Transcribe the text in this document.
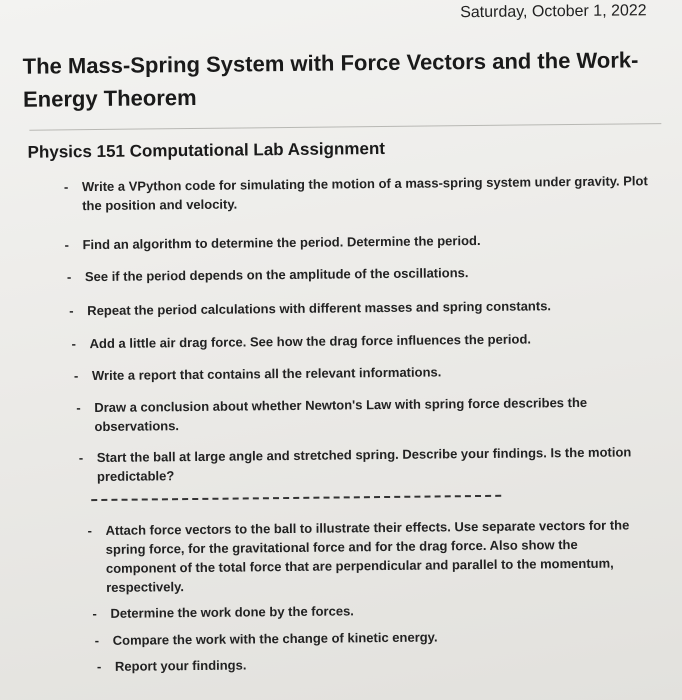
Saturday, October 1, 2022
The Mass-Spring System with Force Vectors and the Work-Energy Theorem
Physics 151 Computational Lab Assignment
- Write a VPython code for simulating the motion of a mass-spring system under gravity. Plot the position and velocity.
- Find an algorithm to determine the period. Determine the period.
- See if the period depends on the amplitude of the oscillations.
- Repeat the period calculations with different masses and spring constants.
- Add a little air drag force. See how the drag force influences the period.
- Write a report that contains all the relevant informations.
- Draw a conclusion about whether Newton's Law with spring force describes the observations.
- Start the ball at large angle and stretched spring. Describe your findings. Is the motion predictable?
- Attach force vectors to the ball to illustrate their effects. Use separate vectors for the spring force, for the gravitational force and for the drag force. Also show the component of the total force that are perpendicular and parallel to the momentum, respectively.
- Determine the work done by the forces.
- Compare the work with the change of kinetic energy.
- Report your findings.
